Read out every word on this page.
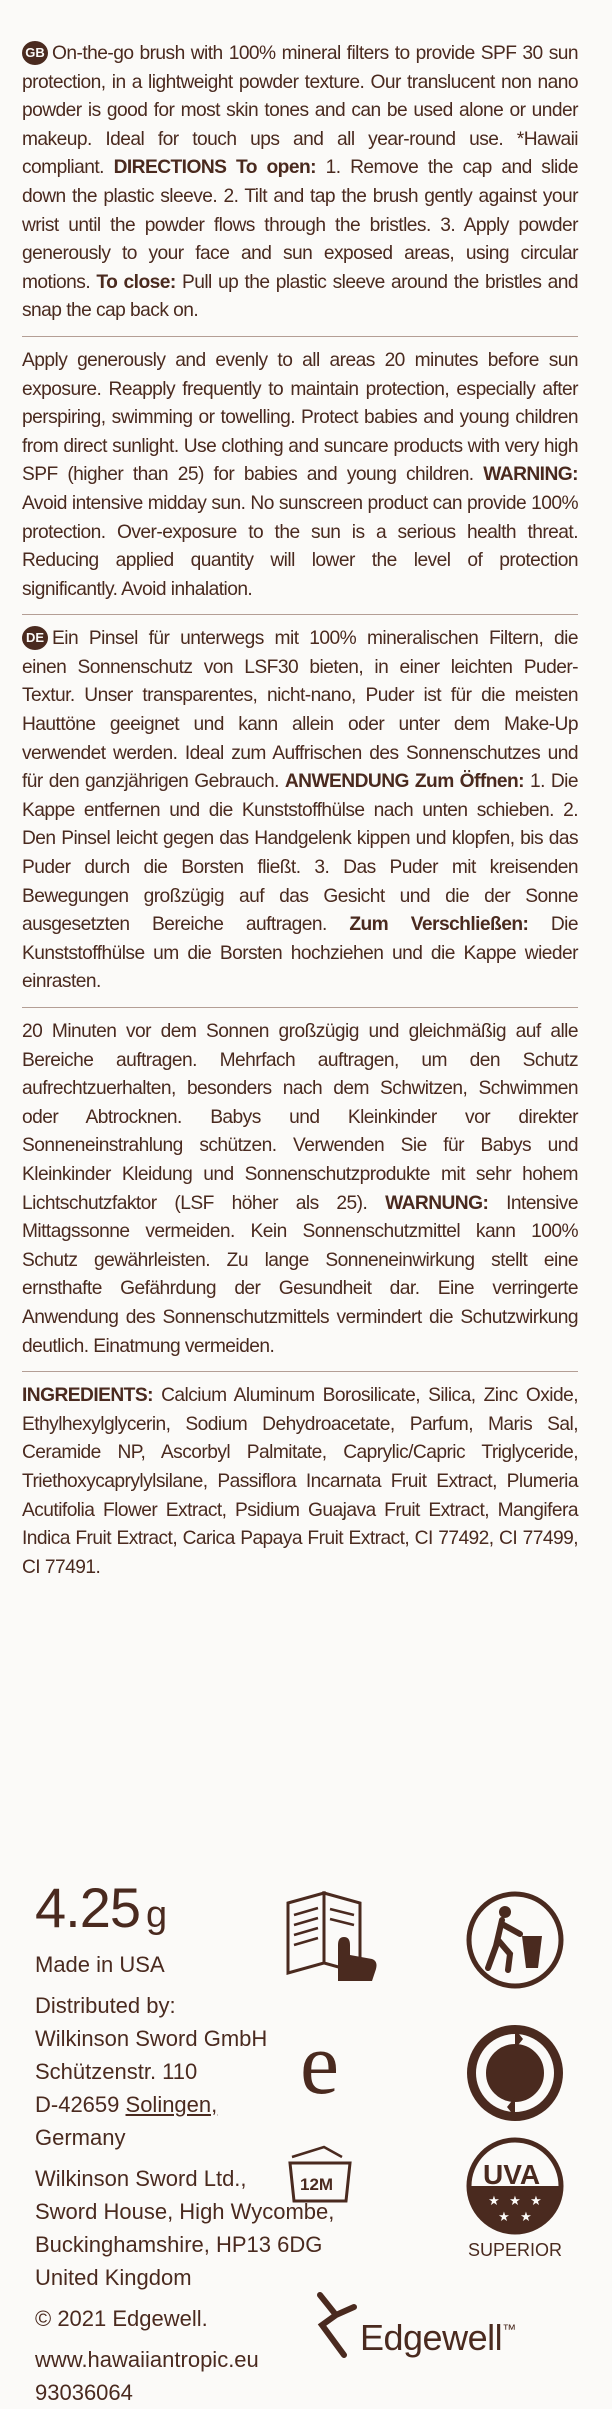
GB On-the-go brush with 100% mineral filters to provide SPF 30 sun protection, in a lightweight powder texture. Our translucent non nano powder is good for most skin tones and can be used alone or under makeup. Ideal for touch ups and all year-round use. *Hawaii compliant. DIRECTIONS To open: 1. Remove the cap and slide down the plastic sleeve. 2. Tilt and tap the brush gently against your wrist until the powder flows through the bristles. 3. Apply powder generously to your face and sun exposed areas, using circular motions. To close: Pull up the plastic sleeve around the bristles and snap the cap back on.

Apply generously and evenly to all areas 20 minutes before sun exposure. Reapply frequently to maintain protection, especially after perspiring, swimming or towelling. Protect babies and young children from direct sunlight. Use clothing and suncare products with very high SPF (higher than 25) for babies and young children. WARNING: Avoid intensive midday sun. No sunscreen product can provide 100% protection. Over-exposure to the sun is a serious health threat. Reducing applied quantity will lower the level of protection significantly. Avoid inhalation.

DE Ein Pinsel für unterwegs mit 100% mineralischen Filtern, die einen Sonnenschutz von LSF30 bieten, in einer leichten Puder-Textur. Unser transparentes, nicht-nano, Puder ist für die meisten Hauttöne geeignet und kann allein oder unter dem Make-Up verwendet werden. Ideal zum Auffrischen des Sonnenschutzes und für den ganzjährigen Gebrauch. ANWENDUNG Zum Öffnen: 1. Die Kappe entfernen und die Kunststoffhülse nach unten schieben. 2. Den Pinsel leicht gegen das Handgelenk kippen und klopfen, bis das Puder durch die Borsten fließt. 3. Das Puder mit kreisenden Bewegungen großzügig auf das Gesicht und die der Sonne ausgesetzten Bereiche auftragen. Zum Verschließen: Die Kunststoffhülse um die Borsten hochziehen und die Kappe wieder einrasten.

20 Minuten vor dem Sonnen großzügig und gleichmäßig auf alle Bereiche auftragen. Mehrfach auftragen, um den Schutz aufrechtzuerhalten, besonders nach dem Schwitzen, Schwimmen oder Abtrocknen. Babys und Kleinkinder vor direkter Sonneneinstrahlung schützen. Verwenden Sie für Babys und Kleinkinder Kleidung und Sonnenschutzprodukte mit sehr hohem Lichtschutzfaktor (LSF höher als 25). WARNUNG: Intensive Mittagssonne vermeiden. Kein Sonnenschutzmittel kann 100% Schutz gewährleisten. Zu lange Sonneneinwirkung stellt eine ernsthafte Gefährdung der Gesundheit dar. Eine verringerte Anwendung des Sonnenschutzmittels vermindert die Schutzwirkung deutlich. Einatmung vermeiden.

INGREDIENTS: Calcium Aluminum Borosilicate, Silica, Zinc Oxide, Ethylhexylglycerin, Sodium Dehydroacetate, Parfum, Maris Sal, Ceramide NP, Ascorbyl Palmitate, Caprylic/Capric Triglyceride, Triethoxycaprylylsilane, Passiflora Incarnata Fruit Extract, Plumeria Acutifolia Flower Extract, Psidium Guajava Fruit Extract, Mangifera Indica Fruit Extract, Carica Papaya Fruit Extract, CI 77492, CI 77499, CI 77491.

4.25 g
Made in USA
Distributed by:
Wilkinson Sword GmbH
Schützenstr. 110
D-42659 Solingen,
Germany
Wilkinson Sword Ltd.,
Sword House, High Wycombe,
Buckinghamshire, HP13 6DG
United Kingdom
© 2021 Edgewell.
www.hawaiiantropic.eu
93036064
e
12M
★ ★ ★
★ ★
UVA
SUPERIOR
Edgewell™
